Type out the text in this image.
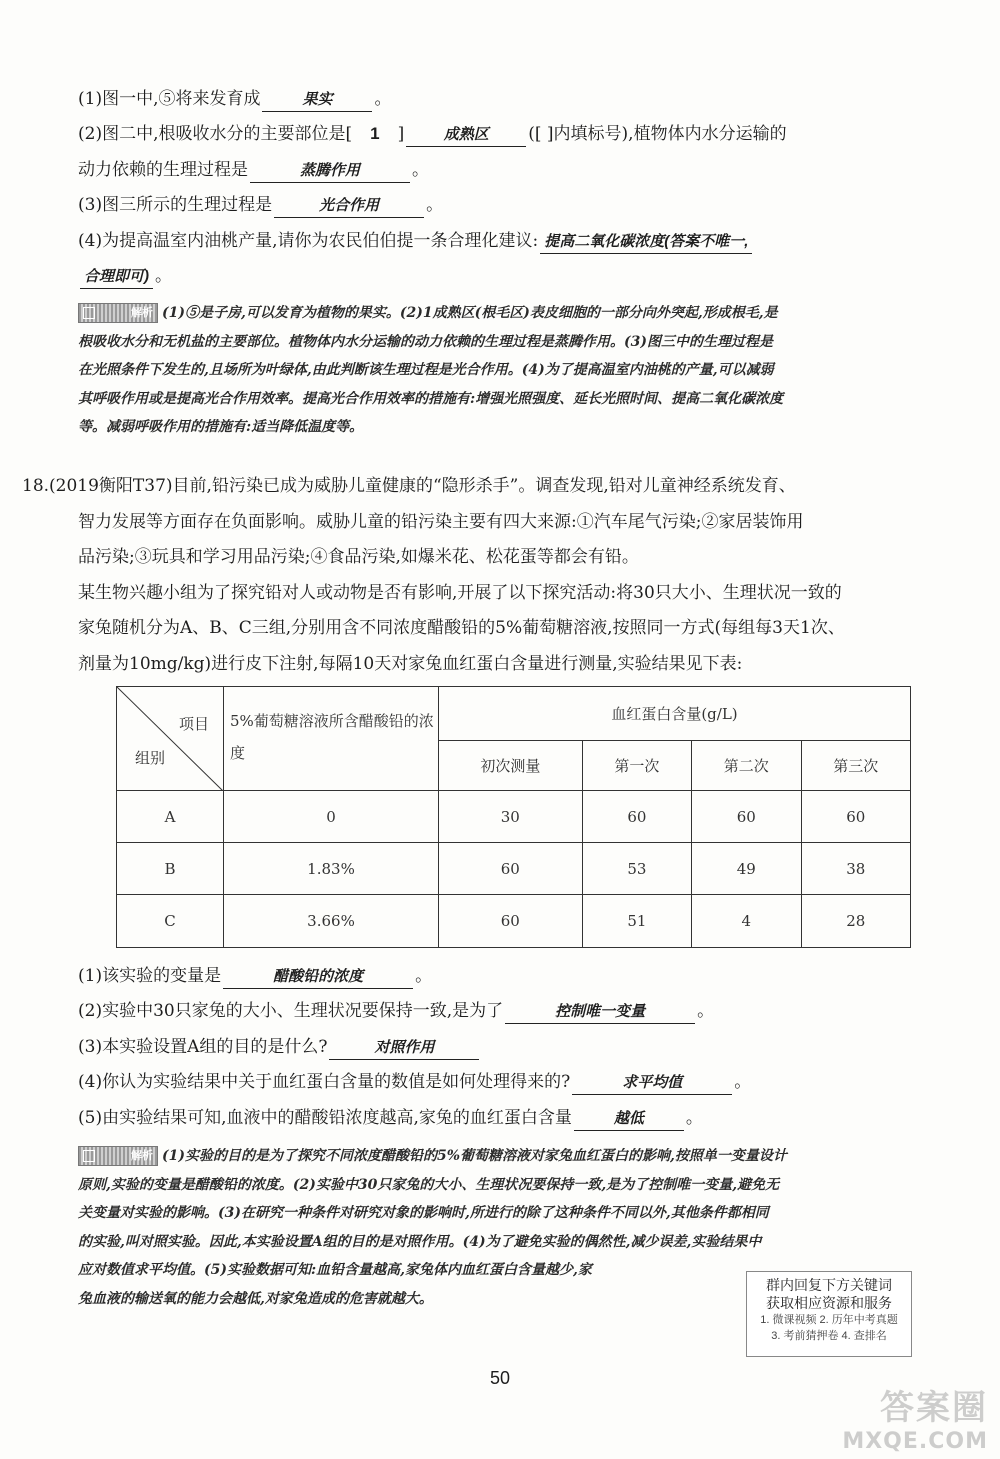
(1)图一中,⑤将来发育成	果实 。
(2)图二中,根吸收水分的主要部位是[ 1 ]	成熟区 ([ ]内填标号),植物体内水分运输的
动力依赖的生理过程是	蒸腾作用	。
(3)图三所示的生理过程是	光合作用	。
(4)为提高温室内油桃产量,请你为农民伯伯提一条合理化建议: 提高二氧化碳浓度(答案不唯一,
合理即可) 。
解析 (1)⑤是子房,可以发育为植物的果实。(2)1成熟区(根毛区)表皮细胞的一部分向外突起,形成根毛,是
根吸收水分和无机盐的主要部位。植物体内水分运输的动力依赖的生理过程是蒸腾作用。(3)图三中的生理过程是
在光照条件下发生的,且场所为叶绿体,由此判断该生理过程是光合作用。(4)为了提高温室内油桃的产量,可以减弱
其呼吸作用或是提高光合作用效率。提高光合作用效率的措施有:增强光照强度、延长光照时间、提高二氧化碳浓度
等。减弱呼吸作用的措施有:适当降低温度等。
18.(2019衡阳T37)目前,铅污染已成为威胁儿童健康的“隐形杀手”。调查发现,铅对儿童神经系统发育、
智力发展等方面存在负面影响。威胁儿童的铅污染主要有四大来源:①汽车尾气污染;②家居装饰用
品污染;③玩具和学习用品污染;④食品污染,如爆米花、松花蛋等都会有铅。
某生物兴趣小组为了探究铅对人或动物是否有影响,开展了以下探究活动:将30只大小、生理状况一致的
家兔随机分为A、B、C三组,分别用含不同浓度醋酸铅的5%葡萄糖溶液,按照同一方式(每组每3天1次、
剂量为10mg/kg)进行皮下注射,每隔10天对家兔血红蛋白含量进行测量,实验结果见下表:
项目
组别	5%葡萄糖溶液所含醋酸铅的浓度	血红蛋白含量(g/L)			
		初次测量	第一次	第二次	第三次
A	0	30	60	60	60
B	1.83%	60	53	49	38
C	3.66%	60	51	4	28
(1)该实验的变量是	醋酸铅的浓度	。
(2)实验中30只家兔的大小、生理状况要保持一致,是为了	控制唯一变量	。
(3)本实验设置A组的目的是什么?	对照作用
(4)你认为实验结果中关于血红蛋白含量的数值是如何处理得来的?	求平均值	。
(5)由实验结果可知,血液中的醋酸铅浓度越高,家兔的血红蛋白含量	越低 。
解析 (1)实验的目的是为了探究不同浓度醋酸铅的5%葡萄糖溶液对家兔血红蛋白的影响,按照单一变量设计
原则,实验的变量是醋酸铅的浓度。(2)实验中30只家兔的大小、生理状况要保持一致,是为了控制唯一变量,避免无
关变量对实验的影响。(3)在研究一种条件对研究对象的影响时,所进行的除了这种条件不同以外,其他条件都相同
的实验,叫对照实验。因此,本实验设置A组的目的是对照作用。(4)为了避免实验的偶然性,减少误差,实验结果中
应对数值求平均值。(5)实验数据可知:血铅含量越高,家兔体内血红蛋白含量越少,家
兔血液的输送氧的能力会越低,对家兔造成的危害就越大。
群内回复下方关键词
获取相应资源和服务
1. 微课视频 2. 历年中考真题
3. 考前猜押卷 4. 查排名
50
答案圈
MXQE.COM
